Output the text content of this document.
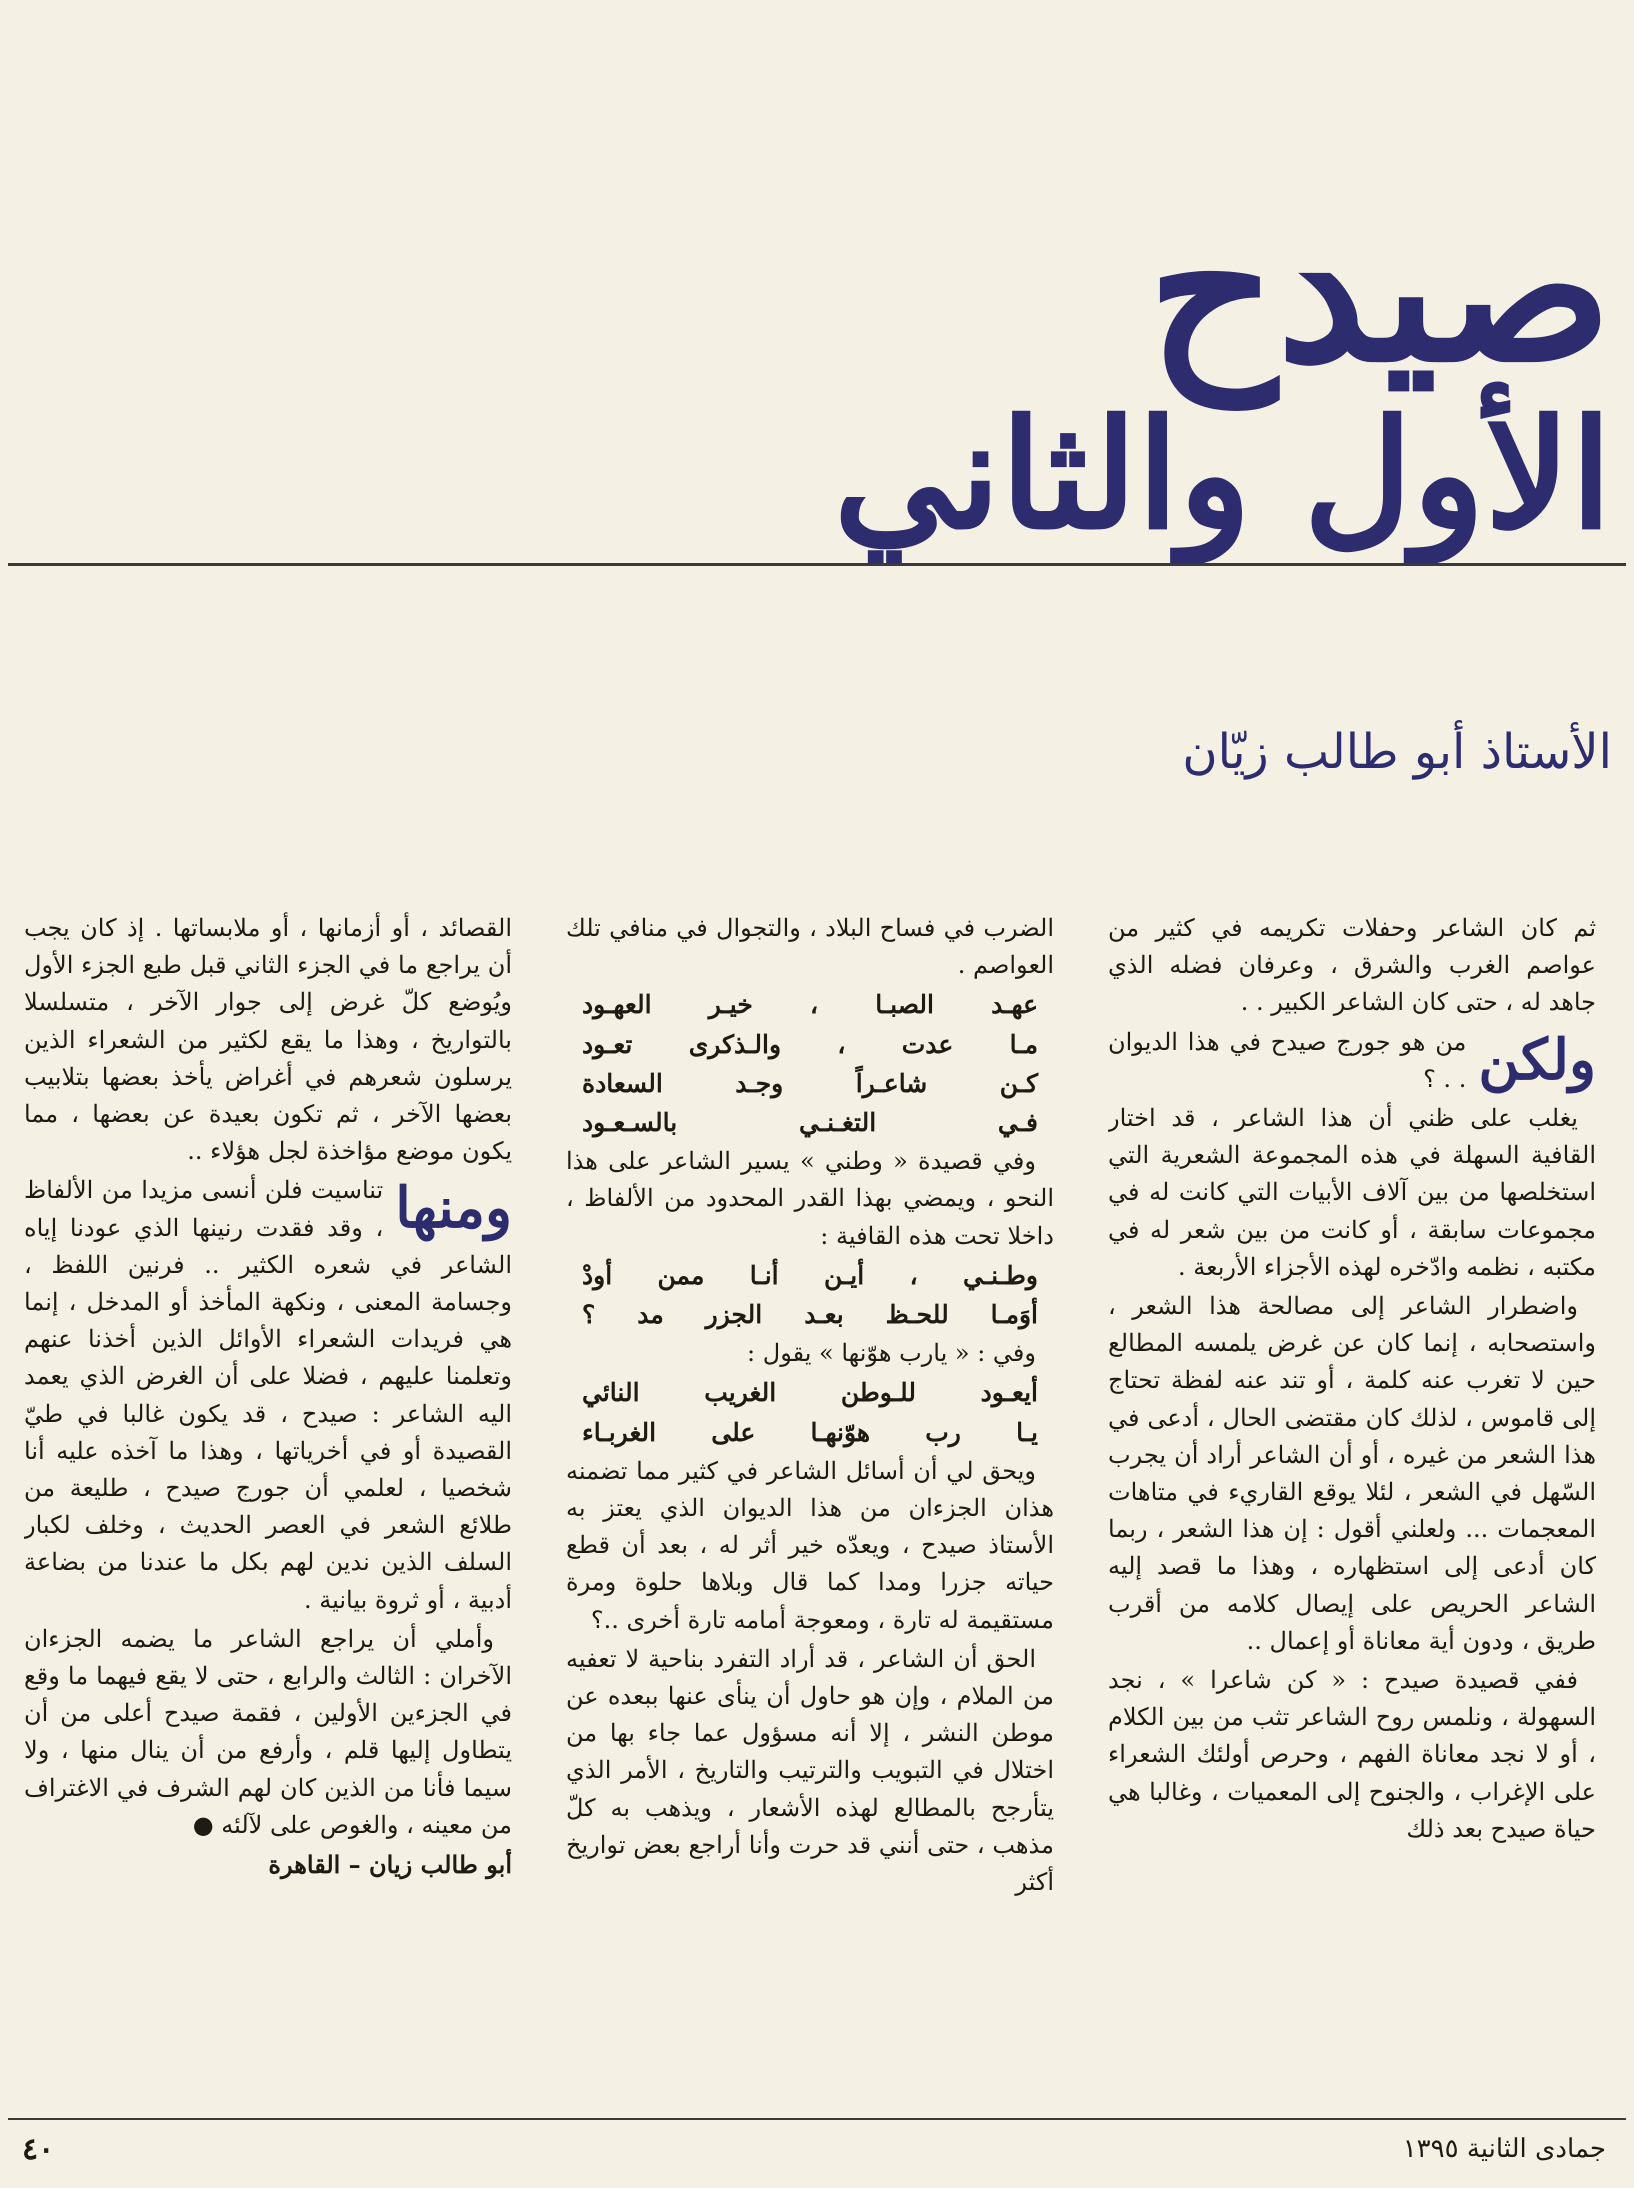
صيدح
الأول والثاني
الأستاذ أبو طالب زيّان

ثم كان الشاعر وحفلات تكريمه في كثير من عواصم الغرب والشرق ، وعرفان فضله الذي جاهد له ، حتى كان الشاعر الكبير . .

ولكن
من هو جورج صيدح في هذا الديوان . . ؟

يغلب على ظني أن هذا الشاعر ، قد اختار القافية السهلة في هذه المجموعة الشعرية التي استخلصها من بين آلاف الأبيات التي كانت له في مجموعات سابقة ، أو كانت من بين شعر له في مكتبه ، نظمه وادّخره لهذه الأجزاء الأربعة .

واضطرار الشاعر إلى مصالحة هذا الشعر ، واستصحابه ، إنما كان عن غرض يلمسه المطالع حين لا تغرب عنه كلمة ، أو تند عنه لفظة تحتاج إلى قاموس ، لذلك كان مقتضى الحال ، أدعى في هذا الشعر من غيره ، أو أن الشاعر أراد أن يجرب السّهل في الشعر ، لئلا يوقع القاريء في متاهات المعجمات ... ولعلني أقول : إن هذا الشعر ، ربما كان أدعى إلى استظهاره ، وهذا ما قصد إليه الشاعر الحريص على إيصال كلامه من أقرب طريق ، ودون أية معاناة أو إعمال ..

ففي قصيدة صيدح : « كن شاعرا » ، نجد السهولة ، ونلمس روح الشاعر تثب من بين الكلام ، أو لا نجد معاناة الفهم ، وحرص أولئك الشعراء على الإغراب ، والجنوح إلى المعميات ، وغالبا هي حياة صيدح بعد ذلك

الضرب في فساح البلاد ، والتجوال في منافي تلك العواصم .

عهـد الصبـا ، خيـر العهـود

مـا عدت ، والـذكرى تعـود

كـن شاعـراً وجـد السعادة

فـي التغـنـي بالسـعـود

وفي قصيدة « وطني » يسير الشاعر على هذا النحو ، ويمضي بهذا القدر المحدود من الألفاظ ، داخلا تحت هذه القافية :

وطـنـي ، أيـن أنـا ممن أودْ

أوَمـا للحـظ بعـد الجزر مد ؟

وفي : « يارب هوّنها » يقول :

أيعـود للـوطن الغريب النائي

يـا رب هوّنهـا على الغربـاء

ويحق لي أن أسائل الشاعر في كثير مما تضمنه هذان الجزءان من هذا الديوان الذي يعتز به الأستاذ صيدح ، ويعدّه خير أثر له ، بعد أن قطع حياته جزرا ومدا كما قال وبلاها حلوة ومرة مستقيمة له تارة ، ومعوجة أمامه تارة أخرى ..؟

الحق أن الشاعر ، قد أراد التفرد بناحية لا تعفيه من الملام ، وإن هو حاول أن ينأى عنها ببعده عن موطن النشر ، إلا أنه مسؤول عما جاء بها من اختلال في التبويب والترتيب والتاريخ ، الأمر الذي يتأرجح بالمطالع لهذه الأشعار ، ويذهب به كلّ مذهب ، حتى أنني قد حرت وأنا أراجع بعض تواريخ أكثر

القصائد ، أو أزمانها ، أو ملابساتها . إذ كان يجب أن يراجع ما في الجزء الثاني قبل طبع الجزء الأول ويُوضع كلّ غرض إلى جوار الآخر ، متسلسلا بالتواريخ ، وهذا ما يقع لكثير من الشعراء الذين يرسلون شعرهم في أغراض يأخذ بعضها بتلابيب بعضها الآخر ، ثم تكون بعيدة عن بعضها ، مما يكون موضع مؤاخذة لجل هؤلاء ..

ومنها
تناسيت فلن أنسى مزيدا من الألفاظ ، وقد فقدت رنينها الذي عودنا إياه الشاعر في شعره الكثير .. فرنين اللفظ ، وجسامة المعنى ، ونكهة المأخذ أو المدخل ، إنما هي فريدات الشعراء الأوائل الذين أخذنا عنهم وتعلمنا عليهم ، فضلا على أن الغرض الذي يعمد اليه الشاعر : صيدح ، قد يكون غالبا في طيّ القصيدة أو في أخرياتها ، وهذا ما آخذه عليه أنا شخصيا ، لعلمي أن جورج صيدح ، طليعة من طلائع الشعر في العصر الحديث ، وخلف لكبار السلف الذين ندين لهم بكل ما عندنا من بضاعة أدبية ، أو ثروة بيانية .

وأملي أن يراجع الشاعر ما يضمه الجزءان الآخران : الثالث والرابع ، حتى لا يقع فيهما ما وقع في الجزءين الأولين ، فقمة صيدح أعلى من أن يتطاول إليها قلم ، وأرفع من أن ينال منها ، ولا سيما فأنا من الذين كان لهم الشرف في الاغتراف من معينه ، والغوص على لآلئه ●

أبو طالب زيان – القاهرة

٤٠	جمادى الثانية ١٣٩٥
